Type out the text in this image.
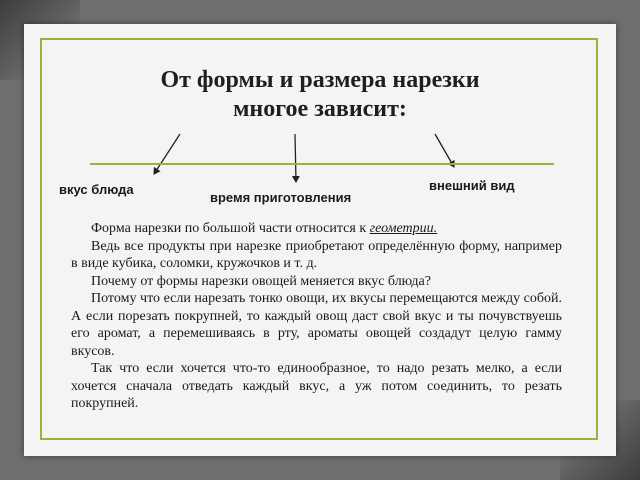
От формы и размера нарезки
многое зависит:
вкус блюда
время приготовления
внешний вид

Форма нарезки по большой части относится к геометрии.

Ведь все продукты при нарезке приобретают определённую форму, например в виде кубика, соломки, кружочков и т. д.

Почему от формы нарезки овощей меняется вкус блюда?

Потому что если нарезать тонко овощи, их вкусы перемещаются между собой. А если порезать покрупней, то каждый овощ даст свой вкус и ты почувствуешь его аромат, а перемешиваясь в рту, ароматы овощей создадут целую гамму вкусов.

Так что если хочется что-то единообразное, то надо резать мелко, а если хочется сначала отведать каждый вкус, а уж потом соединить, то резать покрупней.
